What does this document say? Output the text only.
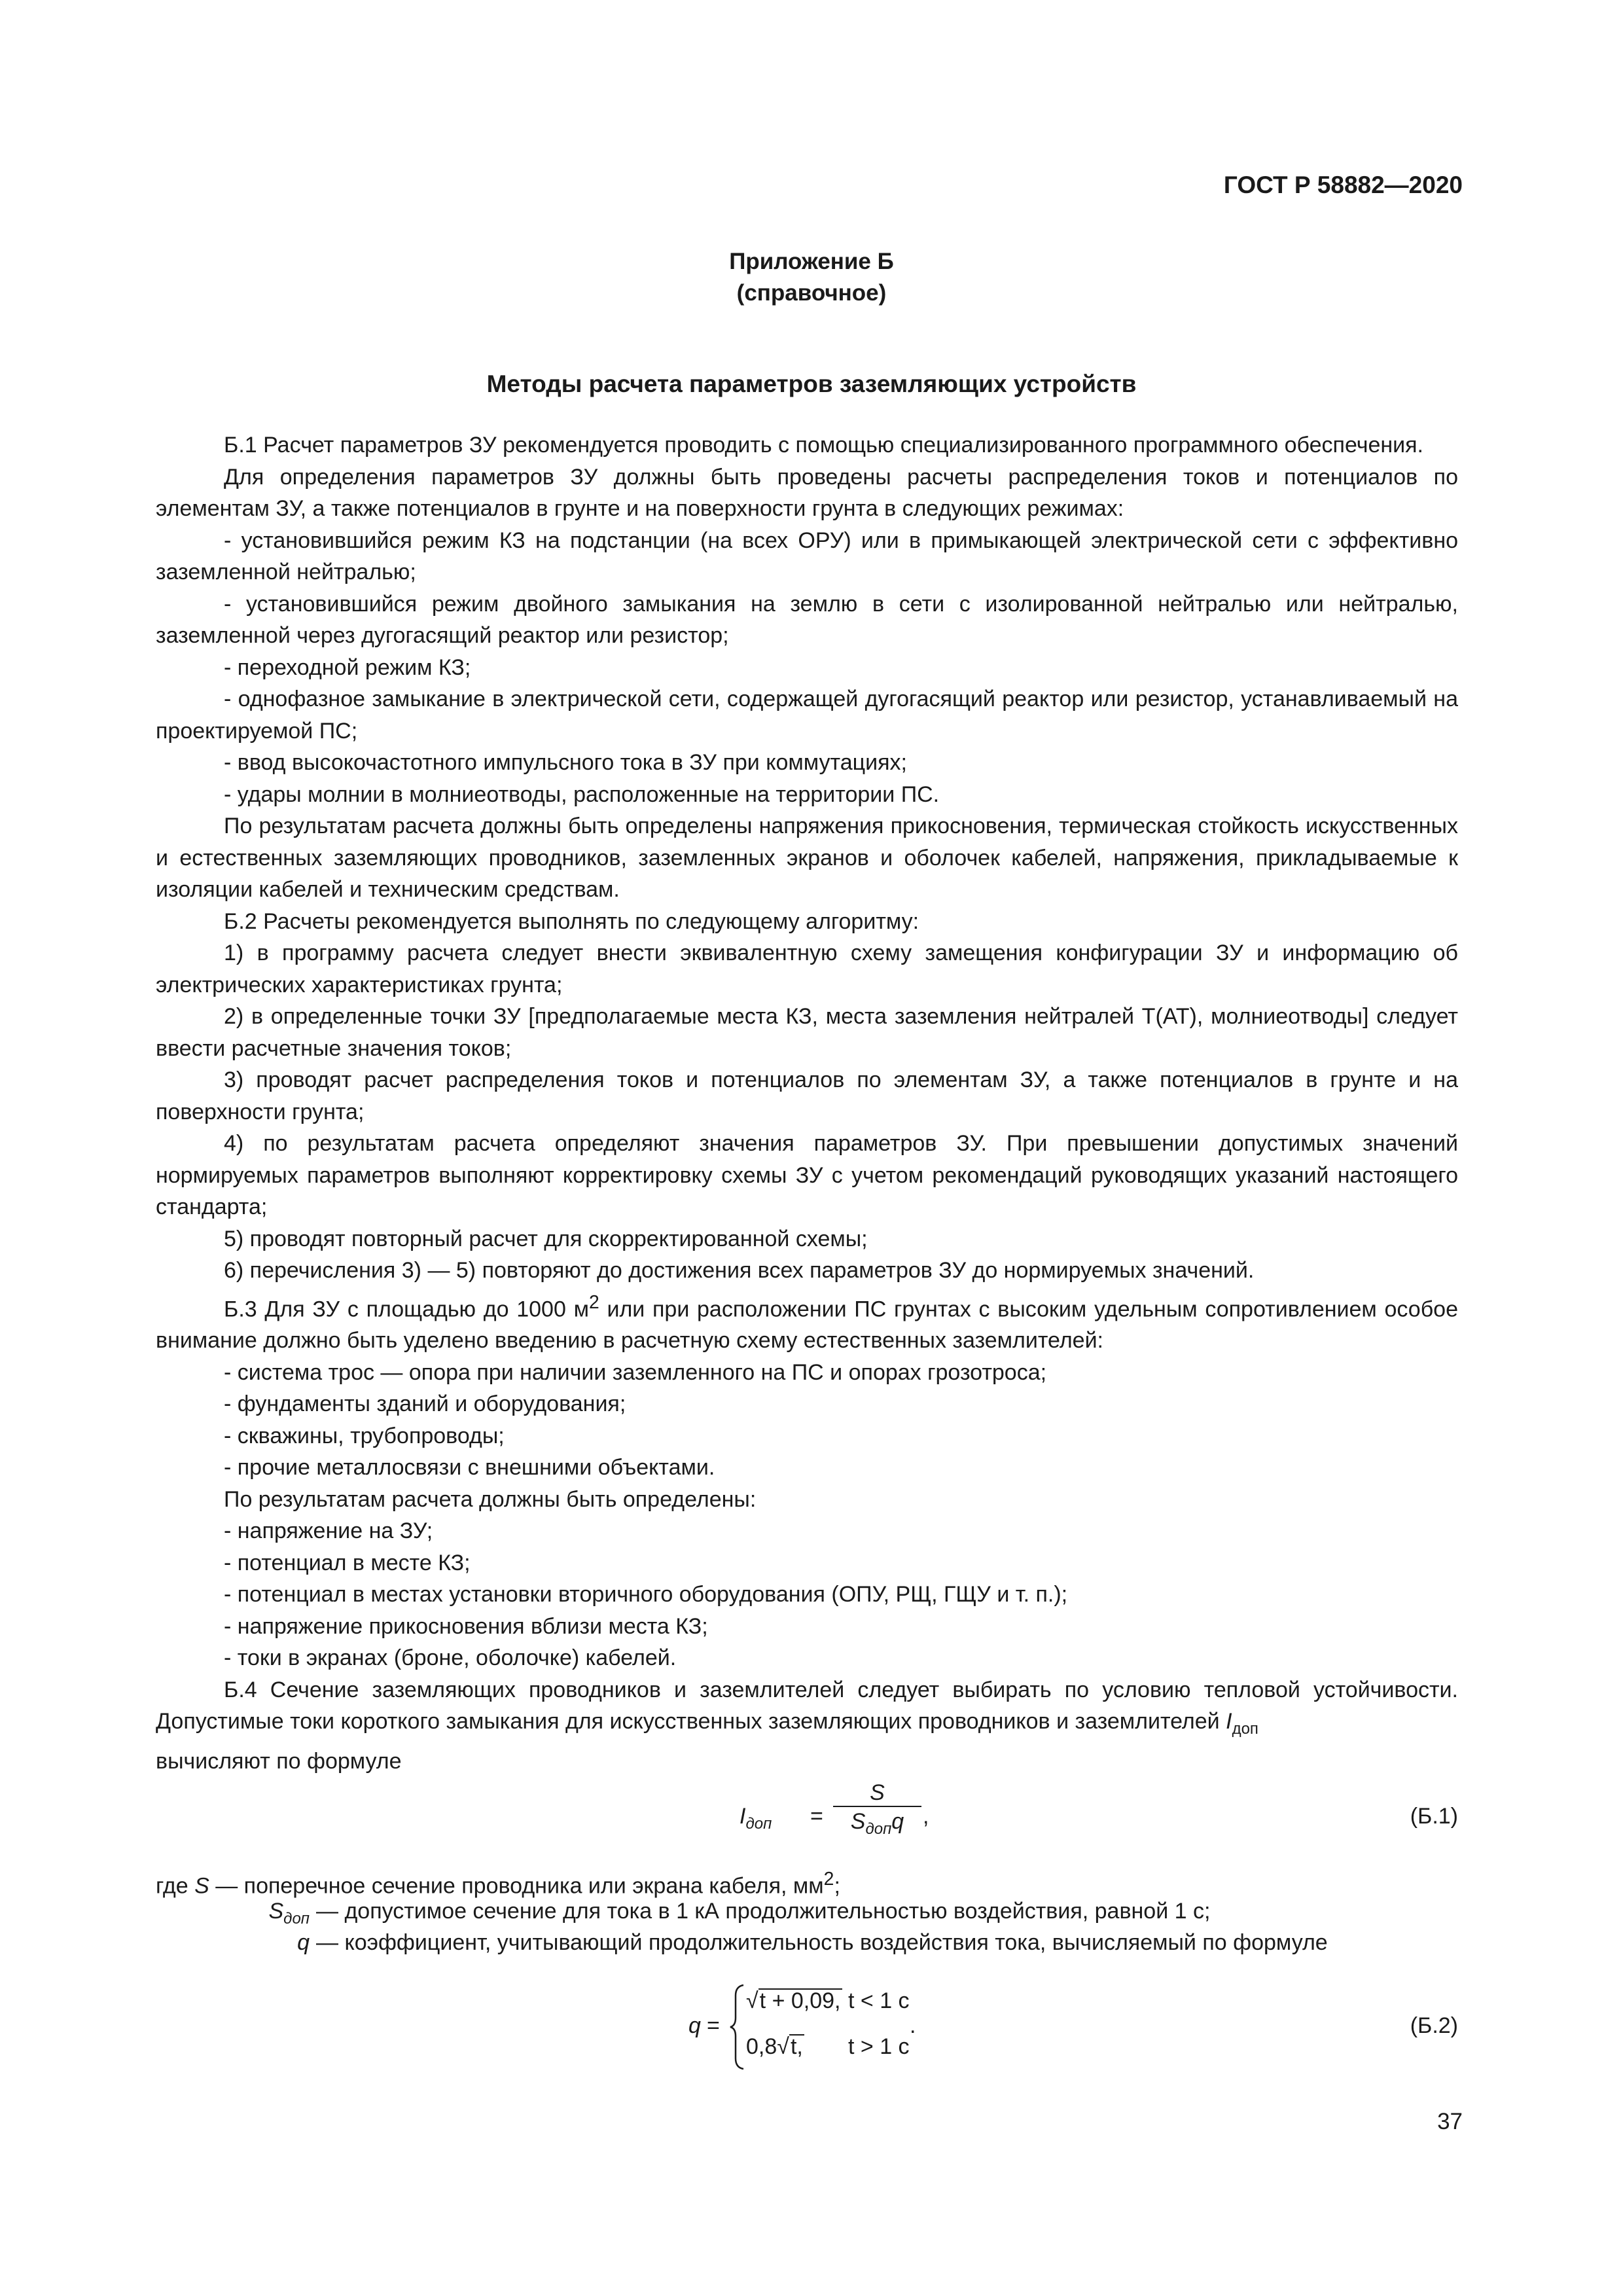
ГОСТ Р 58882—2020
Приложение Б
(справочное)
Методы расчета параметров заземляющих устройств

Б.1 Расчет параметров ЗУ рекомендуется проводить с помощью специализированного программного обеспечения.

Для определения параметров ЗУ должны быть проведены расчеты распределения токов и потенциалов по элементам ЗУ, а также потенциалов в грунте и на поверхности грунта в следующих режимах:

- установившийся режим КЗ на подстанции (на всех ОРУ) или в примыкающей электрической сети с эффективно заземленной нейтралью;

- установившийся режим двойного замыкания на землю в сети с изолированной нейтралью или нейтралью, заземленной через дугогасящий реактор или резистор;

- переходной режим КЗ;

- однофазное замыкание в электрической сети, содержащей дугогасящий реактор или резистор, устанавливаемый на проектируемой ПС;

- ввод высокочастотного импульсного тока в ЗУ при коммутациях;

- удары молнии в молниеотводы, расположенные на территории ПС.

По результатам расчета должны быть определены напряжения прикосновения, термическая стойкость искусственных и естественных заземляющих проводников, заземленных экранов и оболочек кабелей, напряжения, прикладываемые к изоляции кабелей и техническим средствам.

Б.2 Расчеты рекомендуется выполнять по следующему алгоритму:

1) в программу расчета следует внести эквивалентную схему замещения конфигурации ЗУ и информацию об электрических характеристиках грунта;

2) в определенные точки ЗУ [предполагаемые места КЗ, места заземления нейтралей Т(АТ), молниеотводы] следует ввести расчетные значения токов;

3) проводят расчет распределения токов и потенциалов по элементам ЗУ, а также потенциалов в грунте и на поверхности грунта;

4) по результатам расчета определяют значения параметров ЗУ. При превышении допустимых значений нормируемых параметров выполняют корректировку схемы ЗУ с учетом рекомендаций руководящих указаний настоящего стандарта;

5) проводят повторный расчет для скорректированной схемы;

6) перечисления 3) — 5) повторяют до достижения всех параметров ЗУ до нормируемых значений.

Б.3 Для ЗУ с площадью до 1000 $м^2$ или при расположении ПС грунтах с высоким удельным сопротивлением особое внимание должно быть уделено введению в расчетную схему естественных заземлителей:

- система трос — опора при наличии заземленного на ПС и опорах грозотроса;

- фундаменты зданий и оборудования;

- скважины, трубопроводы;

- прочие металлосвязи с внешними объектами.

По результатам расчета должны быть определены:

- напряжение на ЗУ;

- потенциал в месте КЗ;

- потенциал в местах установки вторичного оборудования (ОПУ, РЩ, ГЩУ и т. п.);

- напряжение прикосновения вблизи места КЗ;

- токи в экранах (броне, оболочке) кабелей.

Б.4 Сечение заземляющих проводников и заземлителей следует выбирать по условию тепловой устойчивости. Допустимые токи короткого замыкания для искусственных заземляющих проводников и заземлителей $I_{доп}$
вычисляют по формуле

$I_{доп}$ =
S
$S_{доп}q$ ,	(Б.1)
где S — поперечное сечение проводника или экрана кабеля, $мм^2$;
$S_{доп}$ — допустимое сечение для тока в 1 кА продолжительностью воздействия, равной 1 с;
q — коэффициент, учитывающий продолжительность воздействия тока, вычисляемый по формуле
q =
√t + 0,09, t < 1 с
0,8√t, t > 1 с
.	(Б.2)
37
